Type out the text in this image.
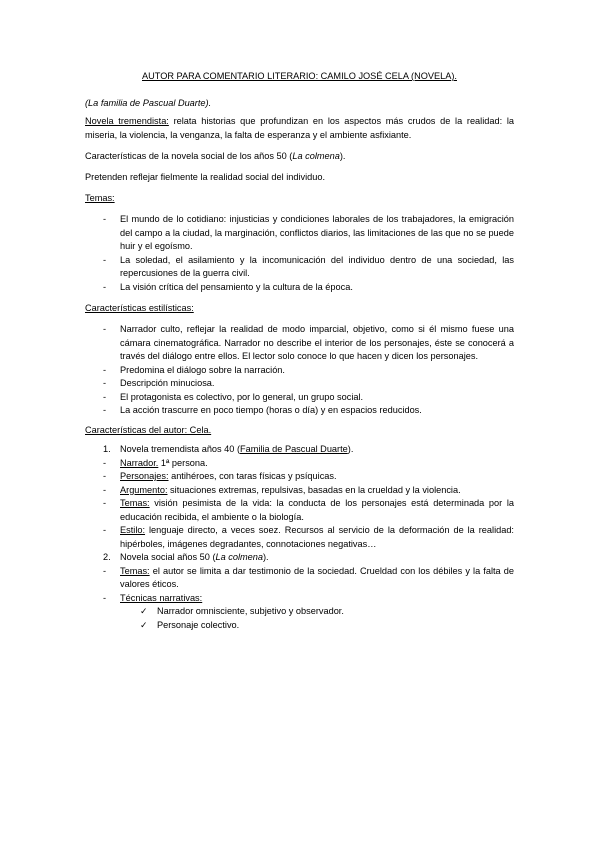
AUTOR PARA COMENTARIO LITERARIO: CAMILO JOSÉ CELA (NOVELA).
(La familia de Pascual Duarte).
Novela tremendista: relata historias que profundizan en los aspectos más crudos de la realidad: la miseria, la violencia, la venganza, la falta de esperanza y el ambiente asfixiante.
Características de la novela social de los años 50 (La colmena).
Pretenden reflejar fielmente la realidad social del individuo.
Temas:
- El mundo de lo cotidiano: injusticias y condiciones laborales de los trabajadores, la emigración del campo a la ciudad, la marginación, conflictos diarios, las limitaciones de las que no se puede huir y el egoísmo.
- La soledad, el asilamiento y la incomunicación del individuo dentro de una sociedad, las repercusiones de la guerra civil.
- La visión crítica del pensamiento y la cultura de la época.
Características estilísticas:
- Narrador culto, reflejar la realidad de modo imparcial, objetivo, como si él mismo fuese una cámara cinematográfica. Narrador no describe el interior de los personajes, éste se conocerá a través del diálogo entre ellos. El lector solo conoce lo que hacen y dicen los personajes.
- Predomina el diálogo sobre la narración.
- Descripción minuciosa.
- El protagonista es colectivo, por lo general, un grupo social.
- La acción trascurre en poco tiempo (horas o día) y en espacios reducidos.
Características del autor: Cela.
1. Novela tremendista años 40 (Familia de Pascual Duarte).
- Narrador. 1ª persona.
- Personajes: antihéroes, con taras físicas y psíquicas.
- Argumento: situaciones extremas, repulsivas, basadas en la crueldad y la violencia.
- Temas: visión pesimista de la vida: la conducta de los personajes está determinada por la educación recibida, el ambiente o la biología.
- Estilo: lenguaje directo, a veces soez. Recursos al servicio de la deformación de la realidad: hipérboles, imágenes degradantes, connotaciones negativas…
2. Novela social años 50 (La colmena).
- Temas: el autor se limita a dar testimonio de la sociedad. Crueldad con los débiles y la falta de valores éticos.
- Técnicas narrativas:
✓ Narrador omnisciente, subjetivo y observador.
✓ Personaje colectivo.
